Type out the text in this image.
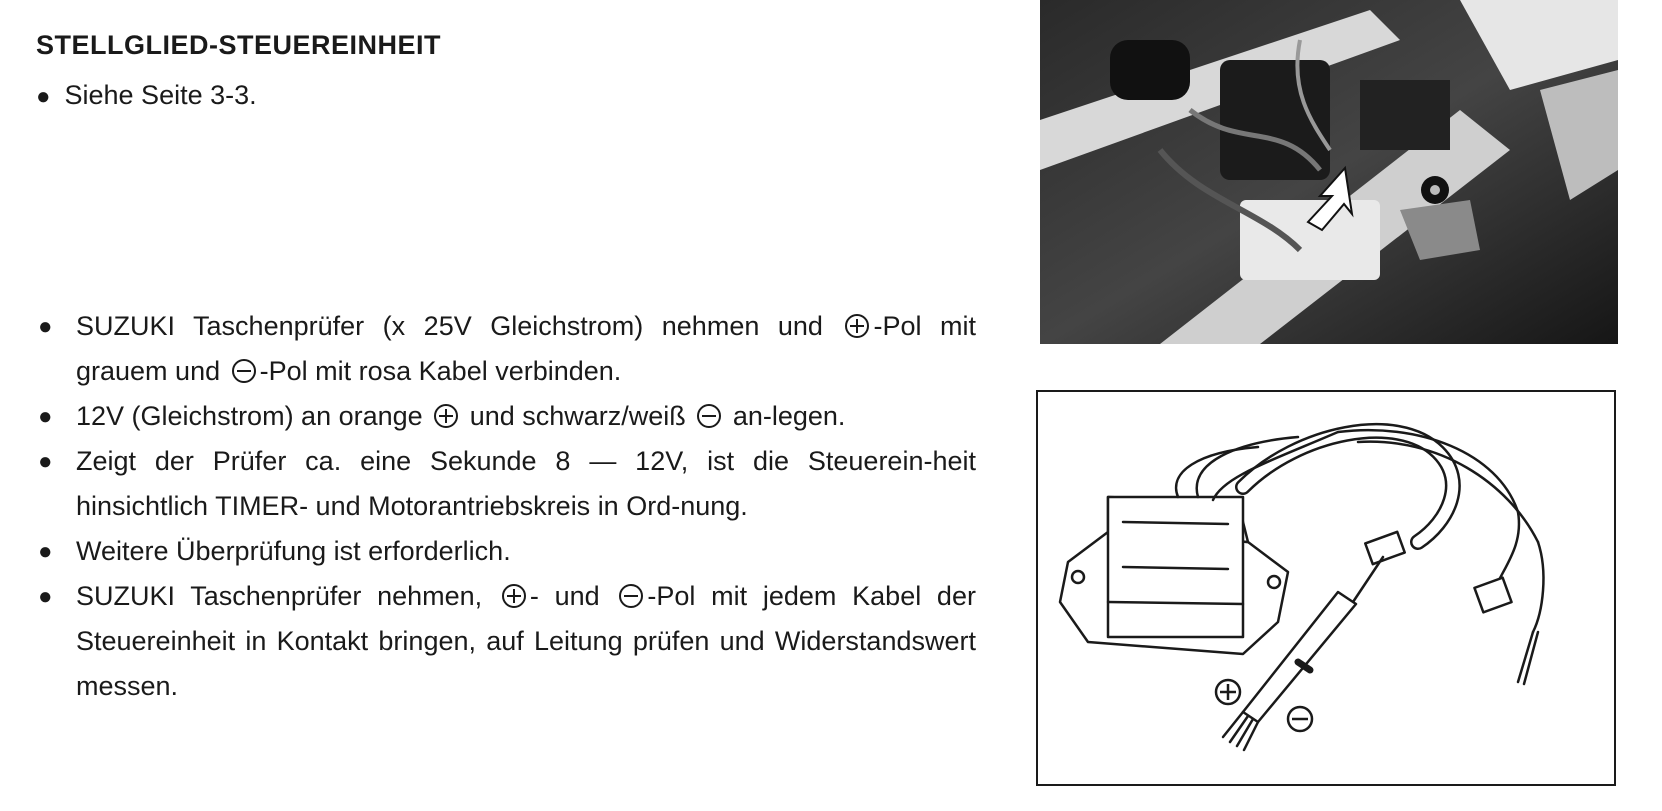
STELLGLIED-STEUEREINHEIT

● Siehe Seite 3-3.

● SUZUKI Taschenprüfer (x 25V Gleichstrom) nehmen und -Pol mit grauem und -Pol mit rosa Kabel verbinden.
● 12V (Gleichstrom) an orange und schwarz/weiß an-legen.
● Zeigt der Prüfer ca. eine Sekunde 8 — 12V, ist die Steuerein-heit hinsichtlich TIMER- und Motorantriebskreis in Ord-nung.
● Weitere Überprüfung ist erforderlich.
● SUZUKI Taschenprüfer nehmen, - und -Pol mit jedem Kabel der Steuereinheit in Kontakt bringen, auf Leitung prüfen und Widerstandswert messen.
